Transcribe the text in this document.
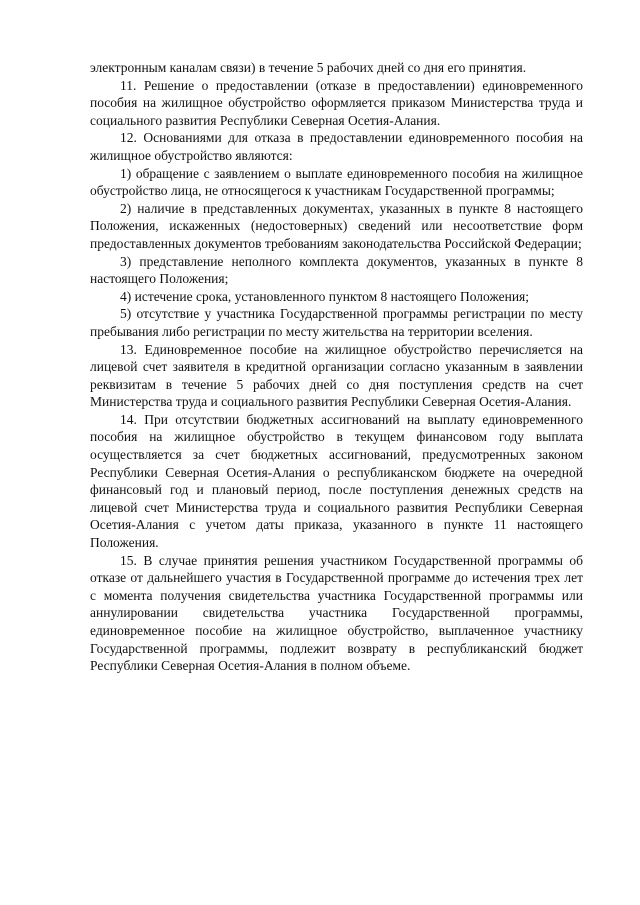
электронным каналам связи) в течение 5 рабочих дней со дня его принятия.

11. Решение о предоставлении (отказе в предоставлении) единовременного пособия на жилищное обустройство оформляется приказом Министерства труда и социального развития Республики Северная Осетия-Алания.

12. Основаниями для отказа в предоставлении единовременного пособия на жилищное обустройство являются:

1) обращение с заявлением о выплате единовременного пособия на жилищное обустройство лица, не относящегося к участникам Государственной программы;

2) наличие в представленных документах, указанных в пункте 8 настоящего Положения, искаженных (недостоверных) сведений или несоответствие форм предоставленных документов требованиям законодательства Российской Федерации;

3) представление неполного комплекта документов, указанных в пункте 8 настоящего Положения;

4) истечение срока, установленного пунктом 8 настоящего Положения;

5) отсутствие у участника Государственной программы регистрации по месту пребывания либо регистрации по месту жительства на территории вселения.

13. Единовременное пособие на жилищное обустройство перечисляется на лицевой счет заявителя в кредитной организации согласно указанным в заявлении реквизитам в течение 5 рабочих дней со дня поступления средств на счет Министерства труда и социального развития Республики Северная Осетия-Алания.

14. При отсутствии бюджетных ассигнований на выплату единовременного пособия на жилищное обустройство в текущем финансовом году выплата осуществляется за счет бюджетных ассигнований, предусмотренных законом Республики Северная Осетия-Алания о республиканском бюджете на очередной финансовый год и плановый период, после поступления денежных средств на лицевой счет Министерства труда и социального развития Республики Северная Осетия-Алания с учетом даты приказа, указанного в пункте 11 настоящего Положения.

15. В случае принятия решения участником Государственной программы об отказе от дальнейшего участия в Государственной программе до истечения трех лет с момента получения свидетельства участника Государственной программы или аннулировании свидетельства участника Государственной программы, единовременное пособие на жилищное обустройство, выплаченное участнику Государственной программы, подлежит возврату в республиканский бюджет Республики Северная Осетия-Алания в полном объеме.
